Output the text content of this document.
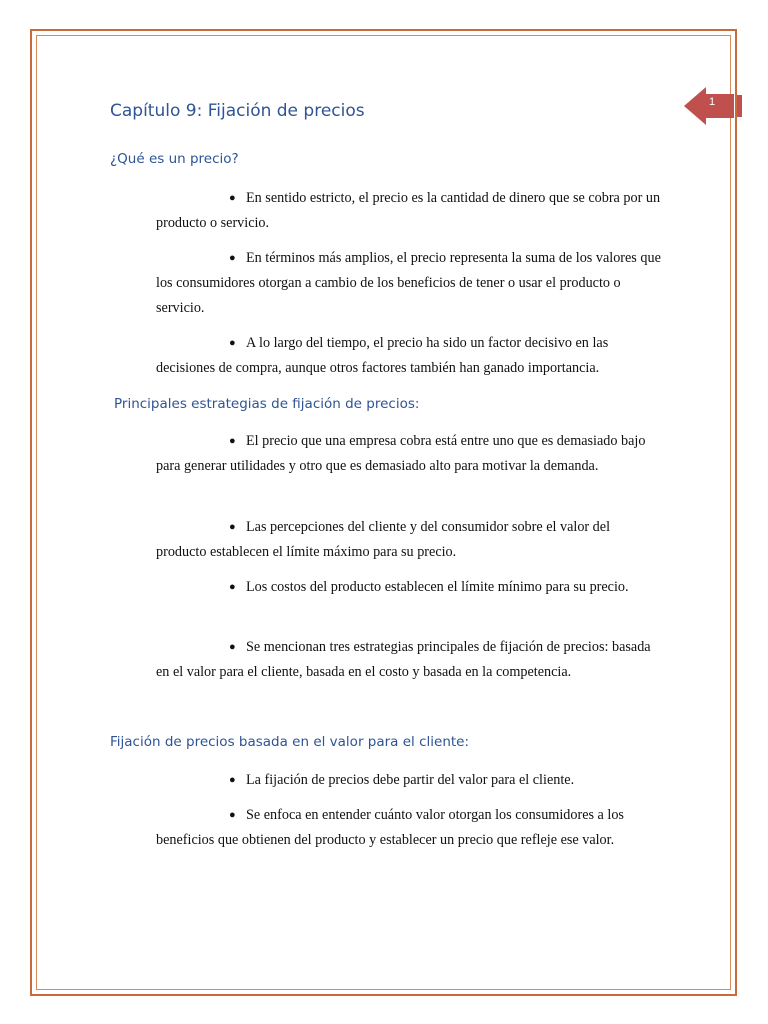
1
Capítulo 9: Fijación de precios
¿Qué es un precio?
● En sentido estricto, el precio es la cantidad de dinero que se cobra por un producto o servicio.
● En términos más amplios, el precio representa la suma de los valores que los consumidores otorgan a cambio de los beneficios de tener o usar el producto o servicio.
● A lo largo del tiempo, el precio ha sido un factor decisivo en las decisiones de compra, aunque otros factores también han ganado importancia.
Principales estrategias de fijación de precios:
● El precio que una empresa cobra está entre uno que es demasiado bajo para generar utilidades y otro que es demasiado alto para motivar la demanda.
● Las percepciones del cliente y del consumidor sobre el valor del producto establecen el límite máximo para su precio.
● Los costos del producto establecen el límite mínimo para su precio.
● Se mencionan tres estrategias principales de fijación de precios: basada en el valor para el cliente, basada en el costo y basada en la competencia.
Fijación de precios basada en el valor para el cliente:
● La fijación de precios debe partir del valor para el cliente.
● Se enfoca en entender cuánto valor otorgan los consumidores a los beneficios que obtienen del producto y establecer un precio que refleje ese valor.
